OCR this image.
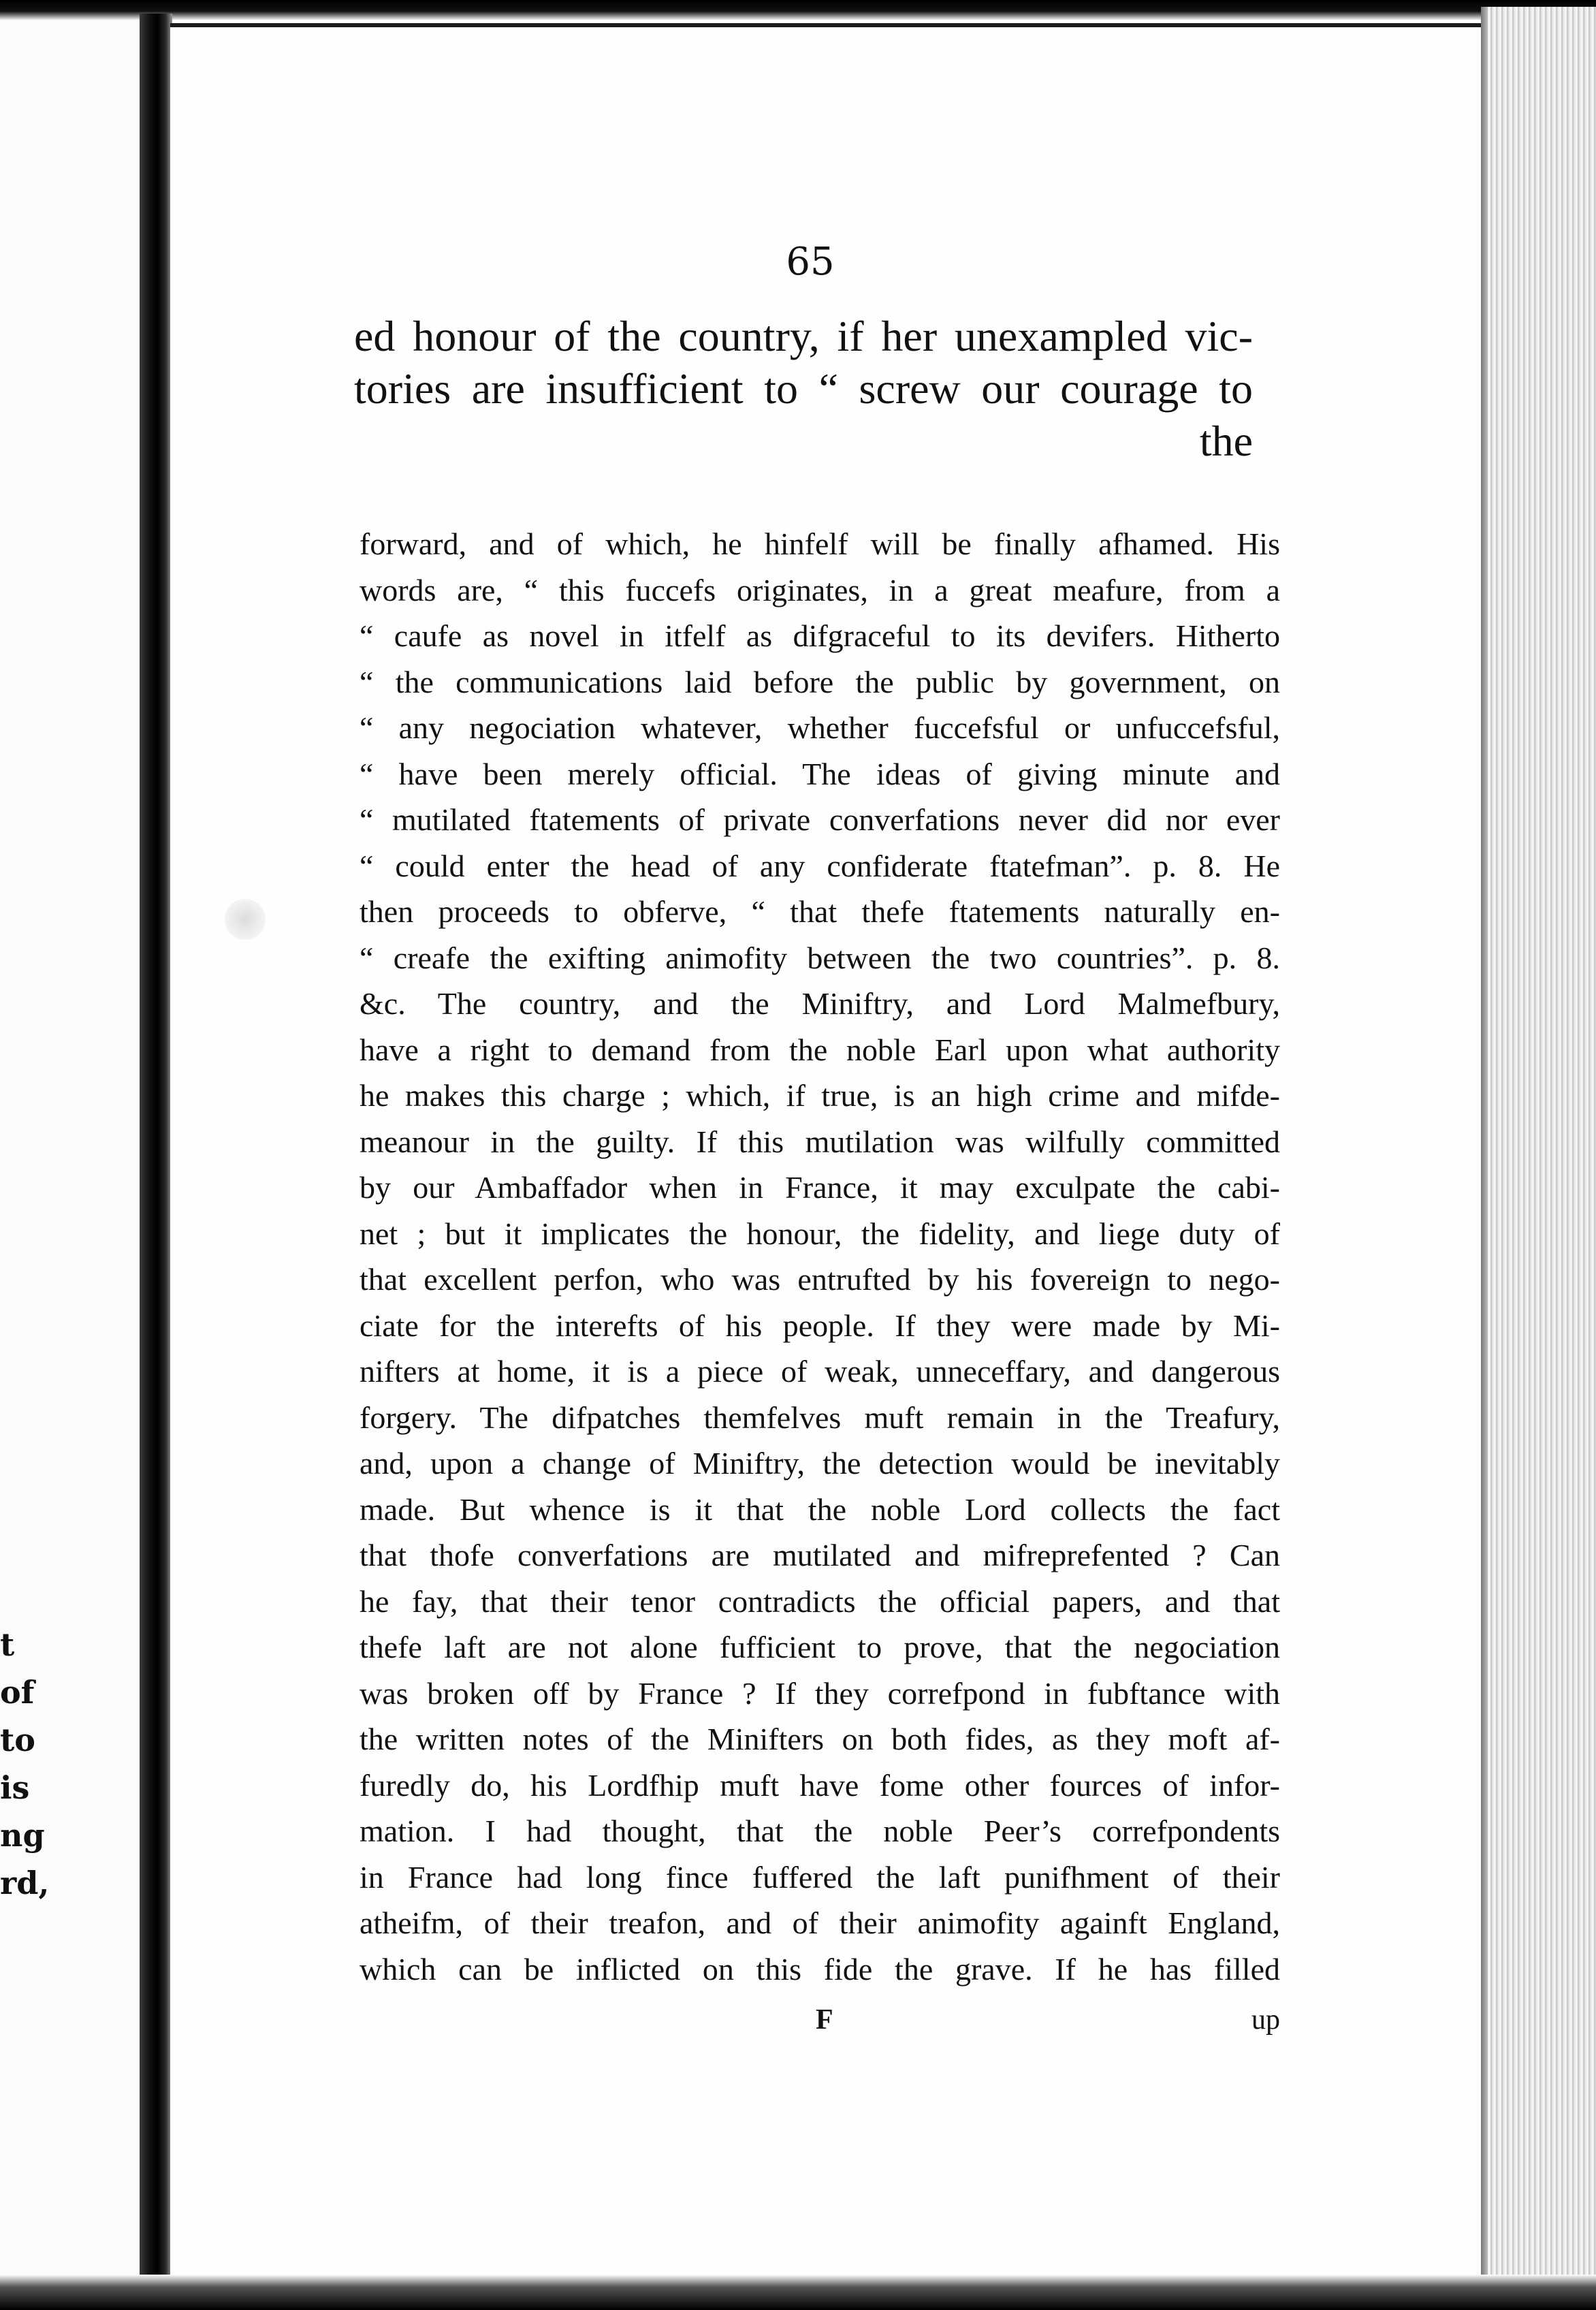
t
of
to
is
ng
rd,
65
ed honour of the country, if her unexampled vic-
tories are insufficient to “ screw our courage to
the
forward, and of which, he hinfelf will be finally afhamed. His
words are, “ this fuccefs originates, in a great meafure, from a
“ caufe as novel in itfelf as difgraceful to its devifers. Hitherto
“ the communications laid before the public by government, on
“ any negociation whatever, whether fuccefsful or unfuccefsful,
“ have been merely official. The ideas of giving minute and
“ mutilated ftatements of private converfations never did nor ever
“ could enter the head of any confiderate ftatefman”. p. 8. He
then proceeds to obferve, “ that thefe ftatements naturally en-
“ creafe the exifting animofity between the two countries”. p. 8.
&c. The country, and the Miniftry, and Lord Malmefbury,
have a right to demand from the noble Earl upon what authority
he makes this charge ; which, if true, is an high crime and mifde-
meanour in the guilty. If this mutilation was wilfully committed
by our Ambaffador when in France, it may exculpate the cabi-
net ; but it implicates the honour, the fidelity, and liege duty of
that excellent perfon, who was entrufted by his fovereign to nego-
ciate for the interefts of his people. If they were made by Mi-
nifters at home, it is a piece of weak, unneceffary, and dangerous
forgery. The difpatches themfelves muft remain in the Treafury,
and, upon a change of Miniftry, the detection would be inevitably
made. But whence is it that the noble Lord collects the fact
that thofe converfations are mutilated and mifreprefented ? Can
he fay, that their tenor contradicts the official papers, and that
thefe laft are not alone fufficient to prove, that the negociation
was broken off by France ? If they correfpond in fubftance with
the written notes of the Minifters on both fides, as they moft af-
furedly do, his Lordfhip muft have fome other fources of infor-
mation. I had thought, that the noble Peer’s correfpondents
in France had long fince fuffered the laft punifhment of their
atheifm, of their treafon, and of their animofity againft England,
which can be inflicted on this fide the grave. If he has filled
F	up
